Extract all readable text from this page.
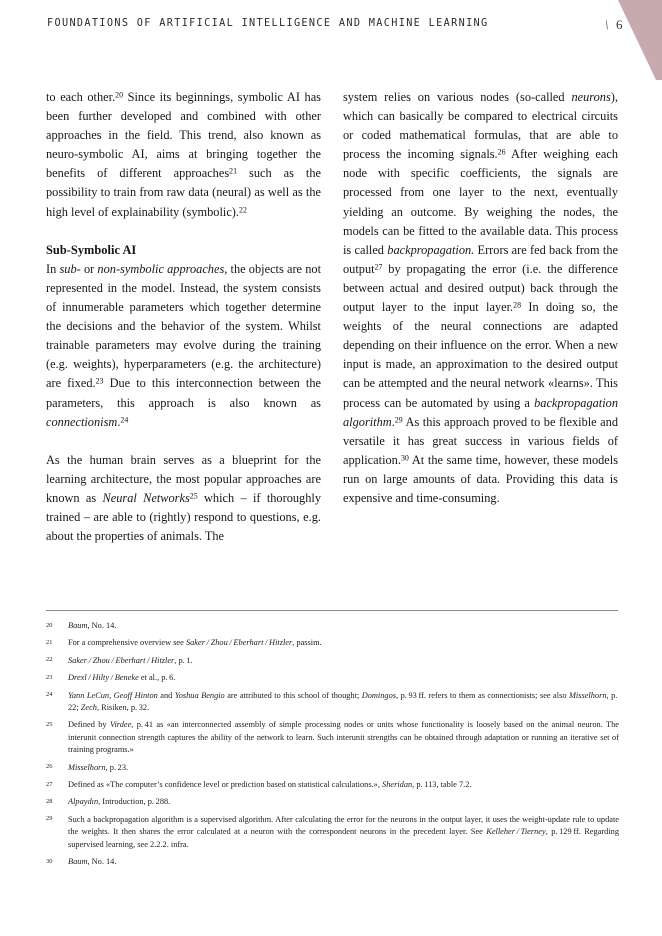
FOUNDATIONS OF ARTIFICIAL INTELLIGENCE AND MACHINE LEARNING	\ 6

to each other.$^{20}$ Since its beginnings, symbolic AI has been further developed and combined with other approaches in the field. This trend, also known as neuro-symbolic AI, aims at bringing together the benefits of different approaches$^{21}$ such as the possibility to train from raw data (neural) as well as the high level of explainability (symbolic).$^{22}$

Sub-Symbolic AI

In sub- or non-symbolic approaches, the objects are not represented in the model. Instead, the system consists of innumerable parameters which together determine the decisions and the behavior of the system. Whilst trainable parameters may evolve during the training (e.g. weights), hyperparameters (e.g. the architecture) are fixed.$^{23}$ Due to this interconnection between the parameters, this approach is also known as connectionism.$^{24}$

As the human brain serves as a blueprint for the learning architecture, the most popular approaches are known as Neural Networks$^{25}$ which – if thoroughly trained – are able to (rightly) respond to questions, e.g. about the properties of animals. The

system relies on various nodes (so-called neurons), which can basically be compared to electrical circuits or coded mathematical formulas, that are able to process the incoming signals.$^{26}$ After weighing each node with specific coefficients, the signals are processed from one layer to the next, eventually yielding an outcome. By weighing the nodes, the models can be fitted to the available data. This process is called backpropagation. Errors are fed back from the output$^{27}$ by propagating the error (i.e. the difference between actual and desired output) back through the output layer to the input layer.$^{28}$ In doing so, the weights of the neural connections are adapted depending on their influence on the error. When a new input is made, an approximation to the desired output can be attempted and the neural network «learns». This process can be automated by using a backpropagation algorithm.$^{29}$ As this approach proved to be flexible and versatile it has great success in various fields of application.$^{30}$ At the same time, however, these models run on large amounts of data. Providing this data is expensive and time-consuming.

20 Baum, No. 14.
21 For a comprehensive overview see Saker / Zhou / Eberhart / Hitzler, passim.
22 Saker / Zhou / Eberhart / Hitzler, p. 1.
23 Drexl / Hilty / Beneke et al., p. 6.
24 Yann LeCun, Geoff Hinton and Yoshua Bengio are attributed to this school of thought; Domingos, p. 93 ff. refers to them as connectionists; see also Misselhorn, p. 22; Zech, Risiken, p. 32.
25 Defined by Virdee, p. 41 as «an interconnected assembly of simple processing nodes or units whose functionality is loosely based on the animal neuron. The interunit connection strength captures the ability of the network to learn. Such interunit strengths can be obtained through adaptation or running an iterative set of training programs.»
26 Misselhorn, p. 23.
27 Defined as «The computer’s confidence level or prediction based on statistical calculations.», Sheridan, p. 113, table 7.2.
28 Alpaydın, Introduction, p. 288.
29 Such a backpropagation algorithm is a supervised algorithm. After calculating the error for the neurons in the output layer, it uses the weight-update rule to update the weights. It then shares the error calculated at a neuron with the correspondent neurons in the precedent layer. See Kelleher / Tierney, p. 129 ff. Regarding supervised learning, see 2.2.2. infra.
30 Baum, No. 14.
